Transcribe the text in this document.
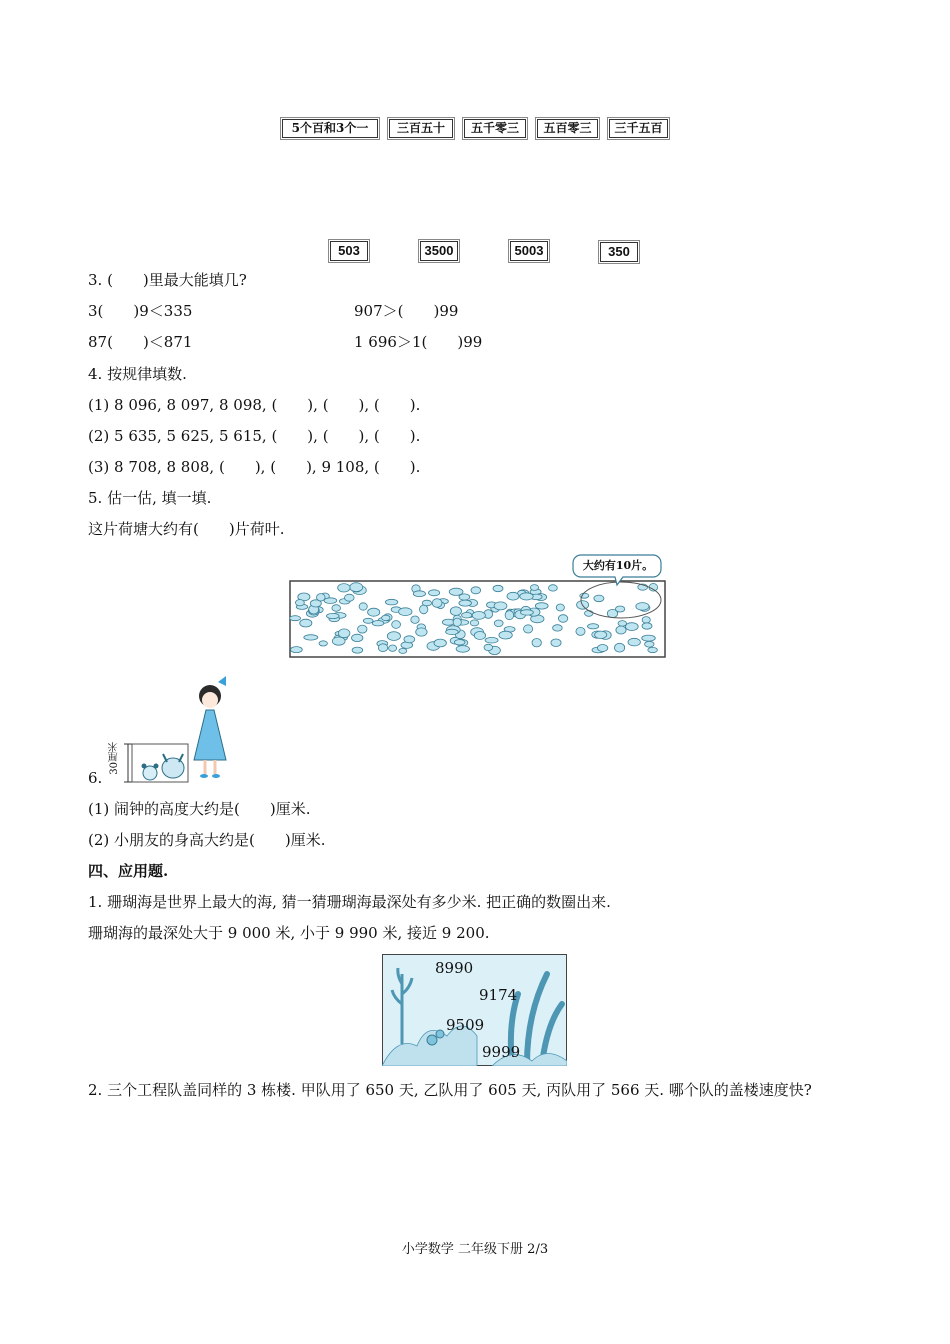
5个百和3个一	三百五十	五千零三	五百零三	三千五百
503	3500	5003	350
3. (　　)里最大能填几?
3(　　)9＜335	907＞(　　)99
87(　　)＜871	1 696＞1(　　)99
4. 按规律填数.
(1) 8 096, 8 097, 8 098, (　　), (　　), (　　).
(2) 5 635, 5 625, 5 615, (　　), (　　), (　　).
(3) 8 708, 8 808, (　　), (　　), 9 108, (　　).
5. 估一估, 填一填.
这片荷塘大约有(　　)片荷叶.
大约有10片。
30厘米
6.
(1) 闹钟的高度大约是(　　)厘米.
(2) 小朋友的身高大约是(　　)厘米.
四、应用题.
1. 珊瑚海是世界上最大的海, 猜一猜珊瑚海最深处有多少米. 把正确的数圈出来.
珊瑚海的最深处大于 9 000 米, 小于 9 990 米, 接近 9 200.
8990
9174
9509
9999
2. 三个工程队盖同样的 3 栋楼. 甲队用了 650 天, 乙队用了 605 天, 丙队用了 566 天. 哪个队的盖楼速度快?
小学数学 二年级下册 2/3
